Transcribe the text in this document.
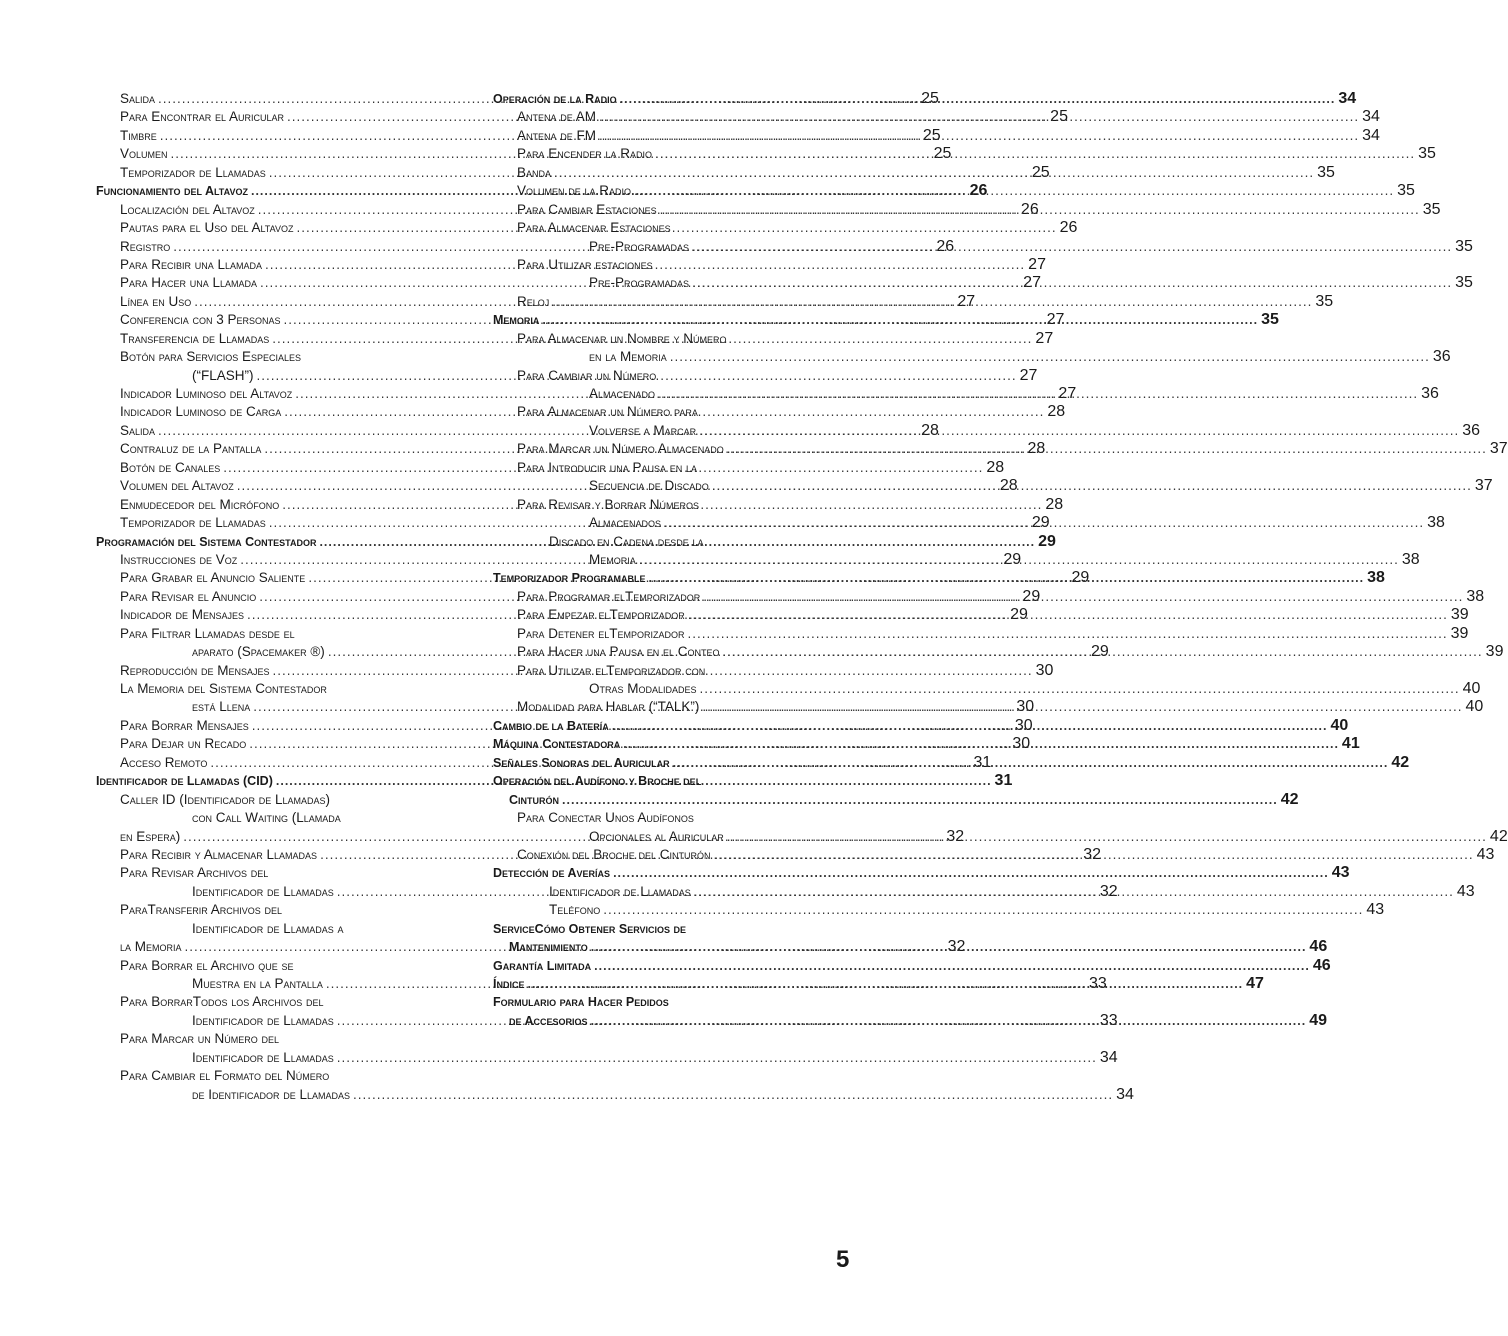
Salida .....	25
Para Encontrar el Auricular .....	25
Timbre .....	25
Volumen .....	25
Temporizador de Llamadas .....	25
Funcionamiento del Altavoz .....	26
Localización del Altavoz .....	26
Pautas para el Uso del Altavoz .....	26
Registro .....	26
Para Recibir una Llamada .....	27
Para Hacer una Llamada .....	27
Línea en Uso .....	27
Conferencia con 3 Personas .....	27
Transferencia de Llamadas .....	27
Botón para Servicios Especiales
(“FLASH”) .....	27
Indicador Luminoso del Altavoz .....	27
Indicador Luminoso de Carga .....	28
Salida .....	28
Contraluz de la Pantalla .....	28
Botón de Canales .....	28
Volumen del Altavoz .....	28
Enmudecedor del Micrófono .....	28
Temporizador de Llamadas .....	29
Programación del Sistema Contestador .....	29
Instrucciones de Voz .....	29
Para Grabar el Anuncio Saliente .....	29
Para Revisar el Anuncio .....	29
Indicador de Mensajes .....	29
Para Filtrar Llamadas desde el
aparato (Spacemaker ®) .....	29
Reproducción de Mensajes .....	30
La Memoria del Sistema Contestador
está Llena .....	30
Para Borrar Mensajes .....	30
Para Dejar un Recado .....	30
Acceso Remoto .....	31
Identificador de Llamadas (CID) .....	31
Caller ID (Identificador de Llamadas)
con Call Waiting (Llamada
en Espera) .....	32
Para Recibir y Almacenar Llamadas .....	32
Para Revisar Archivos del
Identificador de Llamadas .....	32
ParaTransferir Archivos del
Identificador de Llamadas a
la Memoria .....	32
Para Borrar el Archivo que se
Muestra en la Pantalla .....	33
Para BorrarTodos los Archivos del
Identificador de Llamadas .....	33
Para Marcar un Número del
Identificador de Llamadas .....	34
Para Cambiar el Formato del Número
de Identificador de Llamadas .....	34
Operación de la Radio .....	34
Antena de AM .....	34
Antena de FM .....	34
Para Encender la Radio .....	35
Banda .....	35
Volumen de la Radio .....	35
Para Cambiar Estaciones .....	35
Para Almacenar Estaciones
Pre-Programadas .....	35
Para Utilizar estaciones
Pre-Programadas .....	35
Reloj .....	35
Memoria .....	35
Para Almacenar un Nombre y Número
en la Memoria .....	36
Para Cambiar un Número
Almacenado .....	36
Para Almacenar un Número para
Volverse a Marcar .....	36
Para Marcar un Número Almacenado .....	37
Para Introducir una Pausa en la
Secuencia de Discado .....	37
Para Revisar y Borrar Números
Almacenados .....	38
Discado en Cadena desde la
Memoria .....	38
Temporizador Programable .....	38
Para Programar elTemporizador .....	38
Para Empezar elTemporizador .....	39
Para Detener elTemporizador .....	39
Para Hacer una Pausa en el Conteo .....	39
Para Utilizar elTemporizador con
Otras Modalidades .....	40
Modalidad para Hablar (“TALK”) .....	40
Cambio de la Batería .....	40
Máquina Contestadora .....	41
Señales Sonoras del Auricular .....	42
Operación del Audífono y Broche del
Cinturón .....	42
Para Conectar Unos Audífonos
Opcionales al Auricular .....	42
Conexión del Broche del Cinturón .....	43
Detección de Averías .....	43
Identificador de Llamadas .....	43
Teléfono .....	43
ServiceCómo Obtener Servicios de
Mantenimiento .....	46
Garantía Limitada .....	46
Índice .....	47
Formulario para Hacer Pedidos
de Accesorios .....	49
5
